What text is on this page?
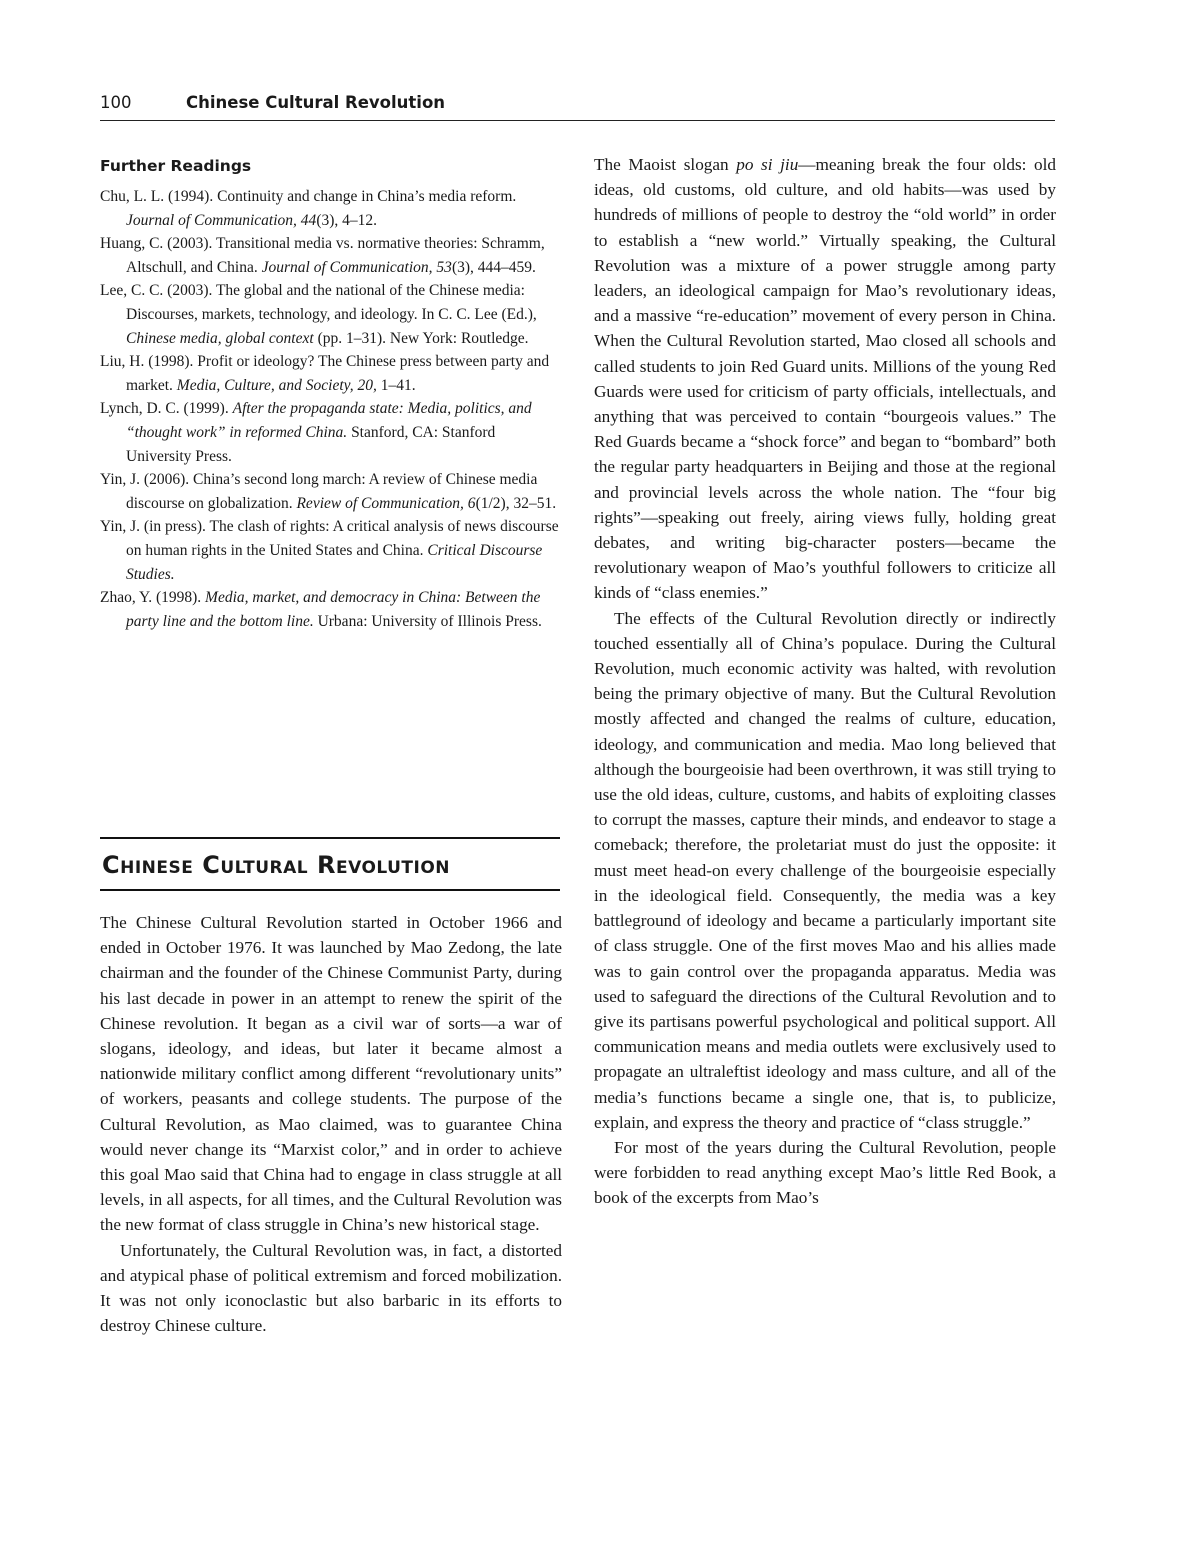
100	Chinese Cultural Revolution
Further Readings
Chu, L. L. (1994). Continuity and change in China’s media reform. Journal of Communication, 44(3), 4–12.
Huang, C. (2003). Transitional media vs. normative theories: Schramm, Altschull, and China. Journal of Communication, 53(3), 444–459.
Lee, C. C. (2003). The global and the national of the Chinese media: Discourses, markets, technology, and ideology. In C. C. Lee (Ed.), Chinese media, global context (pp. 1–31). New York: Routledge.
Liu, H. (1998). Profit or ideology? The Chinese press between party and market. Media, Culture, and Society, 20, 1–41.
Lynch, D. C. (1999). After the propaganda state: Media, politics, and “thought work” in reformed China. Stanford, CA: Stanford University Press.
Yin, J. (2006). China’s second long march: A review of Chinese media discourse on globalization. Review of Communication, 6(1/2), 32–51.
Yin, J. (in press). The clash of rights: A critical analysis of news discourse on human rights in the United States and China. Critical Discourse Studies.
Zhao, Y. (1998). Media, market, and democracy in China: Between the party line and the bottom line. Urbana: University of Illinois Press.
Chinese Cultural Revolution

The Chinese Cultural Revolution started in October 1966 and ended in October 1976. It was launched by Mao Zedong, the late chairman and the founder of the Chinese Communist Party, during his last decade in power in an attempt to renew the spirit of the Chinese revolution. It began as a civil war of sorts—a war of slogans, ideology, and ideas, but later it became almost a nationwide military conflict among different “revolutionary units” of workers, peasants and college students. The purpose of the Cultural Revolution, as Mao claimed, was to guarantee China would never change its “Marxist color,” and in order to achieve this goal Mao said that China had to engage in class struggle at all levels, in all aspects, for all times, and the Cultural Revolution was the new format of class struggle in China’s new historical stage.

Unfortunately, the Cultural Revolution was, in fact, a distorted and atypical phase of political extremism and forced mobilization. It was not only iconoclastic but also barbaric in its efforts to destroy Chinese culture.

The Maoist slogan po si jiu—meaning break the four olds: old ideas, old customs, old culture, and old habits—was used by hundreds of millions of people to destroy the “old world” in order to establish a “new world.” Virtually speaking, the Cultural Revolution was a mixture of a power struggle among party leaders, an ideological campaign for Mao’s revolutionary ideas, and a massive “re-education” movement of every person in China. When the Cultural Revolution started, Mao closed all schools and called students to join Red Guard units. Millions of the young Red Guards were used for criticism of party officials, intellectuals, and anything that was perceived to contain “bourgeois values.” The Red Guards became a “shock force” and began to “bombard” both the regular party headquarters in Beijing and those at the regional and provincial levels across the whole nation. The “four big rights”—speaking out freely, airing views fully, holding great debates, and writing big-character posters—became the revolutionary weapon of Mao’s youthful followers to criticize all kinds of “class enemies.”

The effects of the Cultural Revolution directly or indirectly touched essentially all of China’s populace. During the Cultural Revolution, much economic activity was halted, with revolution being the primary objective of many. But the Cultural Revolution mostly affected and changed the realms of culture, education, ideology, and communication and media. Mao long believed that although the bourgeoisie had been overthrown, it was still trying to use the old ideas, culture, customs, and habits of exploiting classes to corrupt the masses, capture their minds, and endeavor to stage a comeback; therefore, the proletariat must do just the opposite: it must meet head-on every challenge of the bourgeoisie especially in the ideological field. Consequently, the media was a key battleground of ideology and became a particularly important site of class struggle. One of the first moves Mao and his allies made was to gain control over the propaganda apparatus. Media was used to safeguard the directions of the Cultural Revolution and to give its partisans powerful psychological and political support. All communication means and media outlets were exclusively used to propagate an ultraleftist ideology and mass culture, and all of the media’s functions became a single one, that is, to publicize, explain, and express the theory and practice of “class struggle.”

For most of the years during the Cultural Revolution, people were forbidden to read anything except Mao’s little Red Book, a book of the excerpts from Mao’s
